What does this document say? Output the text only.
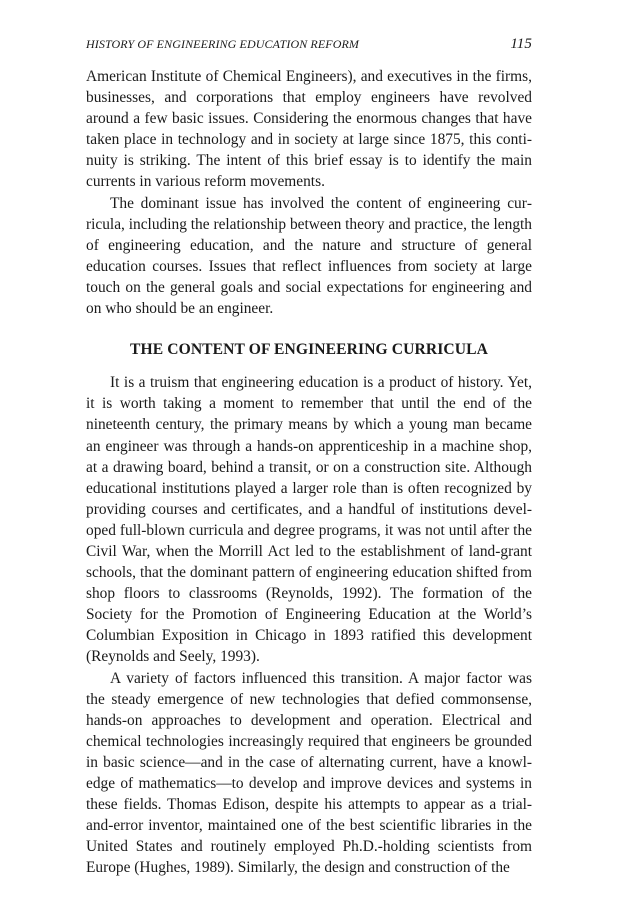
HISTORY OF ENGINEERING EDUCATION REFORM	115

American Institute of Chemical Engineers), and executives in the firms, businesses, and corporations that employ engineers have revolved around a few basic issues. Considering the enormous changes that have taken place in technology and in society at large since 1875, this continuity is striking. The intent of this brief essay is to identify the main currents in various reform movements.

The dominant issue has involved the content of engineering curricula, including the relationship between theory and practice, the length of engineering education, and the nature and structure of general education courses. Issues that reflect influences from society at large touch on the general goals and social expectations for engineering and on who should be an engineer.

THE CONTENT OF ENGINEERING CURRICULA

It is a truism that engineering education is a product of history. Yet, it is worth taking a moment to remember that until the end of the nineteenth century, the primary means by which a young man became an engineer was through a hands-on apprenticeship in a machine shop, at a drawing board, behind a transit, or on a construction site. Although educational institutions played a larger role than is often recognized by providing courses and certificates, and a handful of institutions developed full-blown curricula and degree programs, it was not until after the Civil War, when the Morrill Act led to the establishment of land-grant schools, that the dominant pattern of engineering education shifted from shop floors to classrooms (Reynolds, 1992). The formation of the Society for the Promotion of Engineering Education at the World’s Columbian Exposition in Chicago in 1893 ratified this development (Reynolds and Seely, 1993).

A variety of factors influenced this transition. A major factor was the steady emergence of new technologies that defied commonsense, hands-on approaches to development and operation. Electrical and chemical technologies increasingly required that engineers be grounded in basic science—and in the case of alternating current, have a knowledge of mathematics—to develop and improve devices and systems in these fields. Thomas Edison, despite his attempts to appear as a trial-and-error inventor, maintained one of the best scientific libraries in the United States and routinely employed Ph.D.-holding scientists from Europe (Hughes, 1989). Similarly, the design and construction of the
